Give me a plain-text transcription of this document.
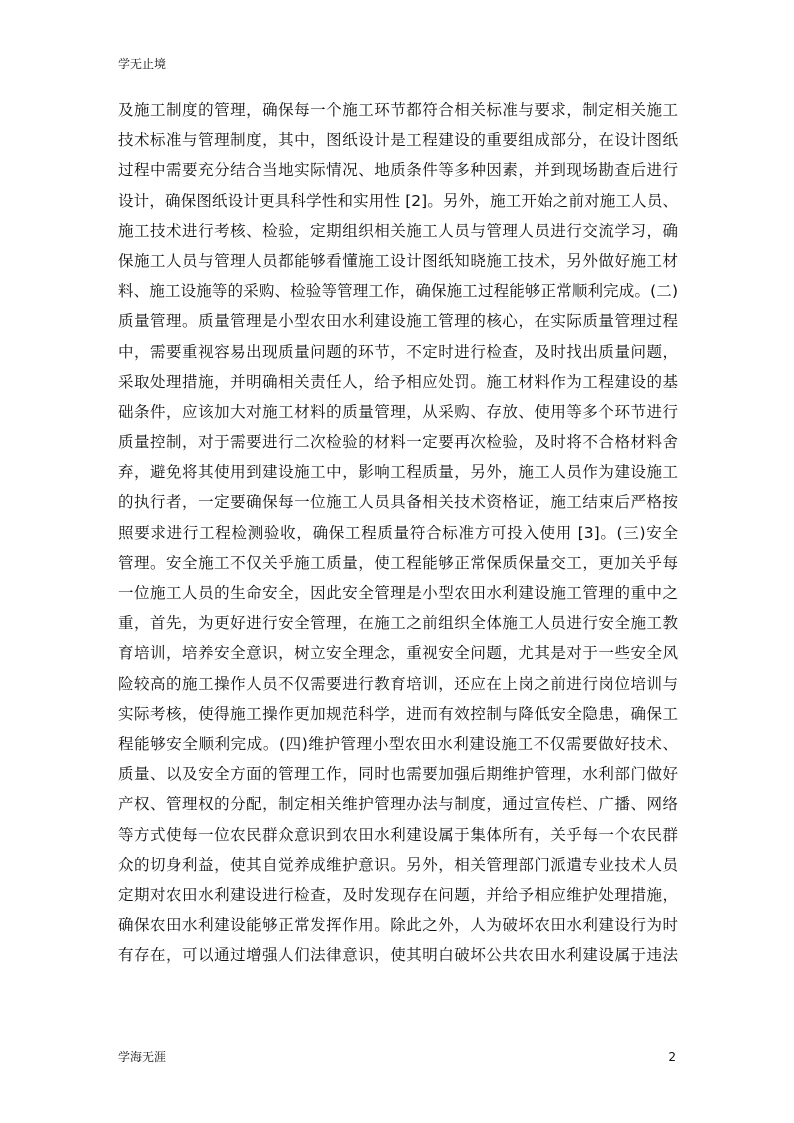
学无止境
及施工制度的管理，确保每一个施工环节都符合相关标准与要求，制定相关施工
技术标准与管理制度，其中，图纸设计是工程建设的重要组成部分，在设计图纸
过程中需要充分结合当地实际情况、地质条件等多种因素，并到现场勘查后进行
设计，确保图纸设计更具科学性和实用性 [2]。另外，施工开始之前对施工人员、
施工技术进行考核、检验，定期组织相关施工人员与管理人员进行交流学习，确
保施工人员与管理人员都能够看懂施工设计图纸知晓施工技术，另外做好施工材
料、施工设施等的采购、检验等管理工作，确保施工过程能够正常顺利完成。(二)
质量管理。质量管理是小型农田水利建设施工管理的核心，在实际质量管理过程
中，需要重视容易出现质量问题的环节，不定时进行检查，及时找出质量问题，
采取处理措施，并明确相关责任人，给予相应处罚。施工材料作为工程建设的基
础条件，应该加大对施工材料的质量管理，从采购、存放、使用等多个环节进行
质量控制，对于需要进行二次检验的材料一定要再次检验，及时将不合格材料舍
弃，避免将其使用到建设施工中，影响工程质量，另外，施工人员作为建设施工
的执行者，一定要确保每一位施工人员具备相关技术资格证，施工结束后严格按
照要求进行工程检测验收，确保工程质量符合标准方可投入使用 [3]。(三)安全
管理。安全施工不仅关乎施工质量，使工程能够正常保质保量交工，更加关乎每
一位施工人员的生命安全，因此安全管理是小型农田水利建设施工管理的重中之
重，首先，为更好进行安全管理，在施工之前组织全体施工人员进行安全施工教
育培训，培养安全意识，树立安全理念，重视安全问题，尤其是对于一些安全风
险较高的施工操作人员不仅需要进行教育培训，还应在上岗之前进行岗位培训与
实际考核，使得施工操作更加规范科学，进而有效控制与降低安全隐患，确保工
程能够安全顺利完成。(四)维护管理小型农田水利建设施工不仅需要做好技术、
质量、以及安全方面的管理工作，同时也需要加强后期维护管理，水利部门做好
产权、管理权的分配，制定相关维护管理办法与制度，通过宣传栏、广播、网络
等方式使每一位农民群众意识到农田水利建设属于集体所有，关乎每一个农民群
众的切身利益，使其自觉养成维护意识。另外，相关管理部门派遣专业技术人员
定期对农田水利建设进行检查，及时发现存在问题，并给予相应维护处理措施，
确保农田水利建设能够正常发挥作用。除此之外，人为破坏农田水利建设行为时
有存在，可以通过增强人们法律意识，使其明白破坏公共农田水利建设属于违法
学海无涯	2
